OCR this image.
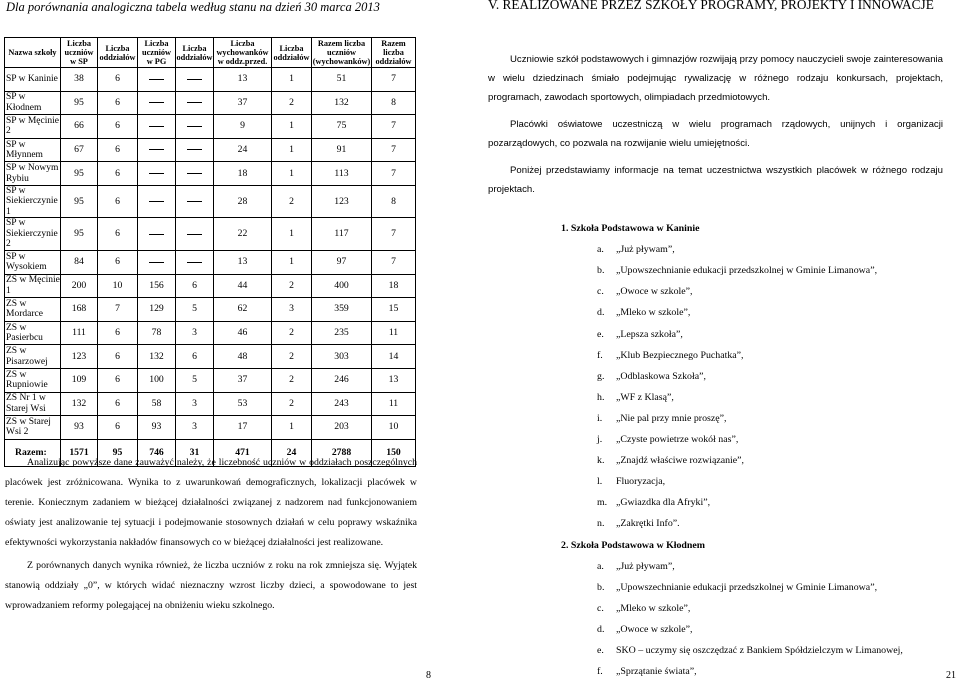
Dla porównania analogiczna tabela według stanu na dzień 30 marca 2013
Nazwa szkoły	Liczba uczniów w SP	Liczba oddziałów	Liczba uczniów w PG	Liczba oddziałów	Liczba wychowanków w oddz.przed.	Liczba oddziałów	Razem liczba uczniów (wychowanków)	Razem liczba oddziałów
SP w Kaninie	38	6			13	1	51	7
SP w Kłodnem	95	6			37	2	132	8
SP w Męcinie 2	66	6			9	1	75	7
SP w Młynnem	67	6			24	1	91	7
SP w Nowym Rybiu	95	6			18	1	113	7
SP w Siekierczynie 1	95	6			28	2	123	8
SP w Siekierczynie 2	95	6			22	1	117	7
SP w Wysokiem	84	6			13	1	97	7
ZS w Męcinie 1	200	10	156	6	44	2	400	18
ZS w Mordarce	168	7	129	5	62	3	359	15
ZS w Pasierbcu	111	6	78	3	46	2	235	11
ZS w Pisarzowej	123	6	132	6	48	2	303	14
ZS w Rupniowie	109	6	100	5	37	2	246	13
ZS Nr 1 w Starej Wsi	132	6	58	3	53	2	243	11
ZS w Starej Wsi 2	93	6	93	3	17	1	203	10
Razem:	1571	95	746	31	471	24	2788	150

Analizując powyższe dane zauważyć należy, że liczebność uczniów w oddziałach poszczególnych placówek jest zróżnicowana. Wynika to z uwarunkowań demograficznych, lokalizacji placówek w terenie. Koniecznym zadaniem w bieżącej działalności związanej z nadzorem nad funkcjonowaniem oświaty jest analizowanie tej sytuacji i podejmowanie stosownych działań w celu poprawy wskaźnika efektywności wykorzystania nakładów finansowych co w bieżącej działalności jest realizowane.

Z porównanych danych wynika również, że liczba uczniów z roku na rok zmniejsza się. Wyjątek stanowią oddziały „0”, w których widać nieznaczny wzrost liczby dzieci, a spowodowane to jest wprowadzaniem reformy polegającej na obniżeniu wieku szkolnego.

8
V. REALIZOWANE PRZEZ SZKOŁY PROGRAMY, PROJEKTY I INNOWACJE

Uczniowie szkół podstawowych i gimnazjów rozwijają przy pomocy nauczycieli swoje zainteresowania w wielu dziedzinach śmiało podejmując rywalizację w różnego rodzaju konkursach, projektach, programach, zawodach sportowych, olimpiadach przedmiotowych.

Placówki oświatowe uczestniczą w wielu programach rządowych, unijnych i organizacji pozarządowych, co pozwala na rozwijanie wielu umiejętności.

Poniżej przedstawiamy informacje na temat uczestnictwa wszystkich placówek w różnego rodzaju projektach.

1. Szkoła Podstawowa w Kaninie
a. „Już pływam”,
b. „Upowszechnianie edukacji przedszkolnej w Gminie Limanowa”,
c. „Owoce w szkole”,
d. „Mleko w szkole”,
e. „Lepsza szkoła”,
f. „Klub Bezpiecznego Puchatka”,
g. „Odblaskowa Szkoła”,
h. „WF z Klasą”,
i. „Nie pal przy mnie proszę”,
j. „Czyste powietrze wokół nas”,
k. „Znajdź właściwe rozwiązanie”,
l. Fluoryzacja,
m. „Gwiazdka dla Afryki”,
n. „Zakrętki Info”.
2. Szkoła Podstawowa w Kłodnem
a. „Już pływam”,
b. „Upowszechnianie edukacji przedszkolnej w Gminie Limanowa”,
c. „Mleko w szkole”,
d. „Owoce w szkole”,
e. SKO – uczymy się oszczędzać z Bankiem Spółdzielczym w Limanowej,
f. „Sprzątanie świata”,	21
